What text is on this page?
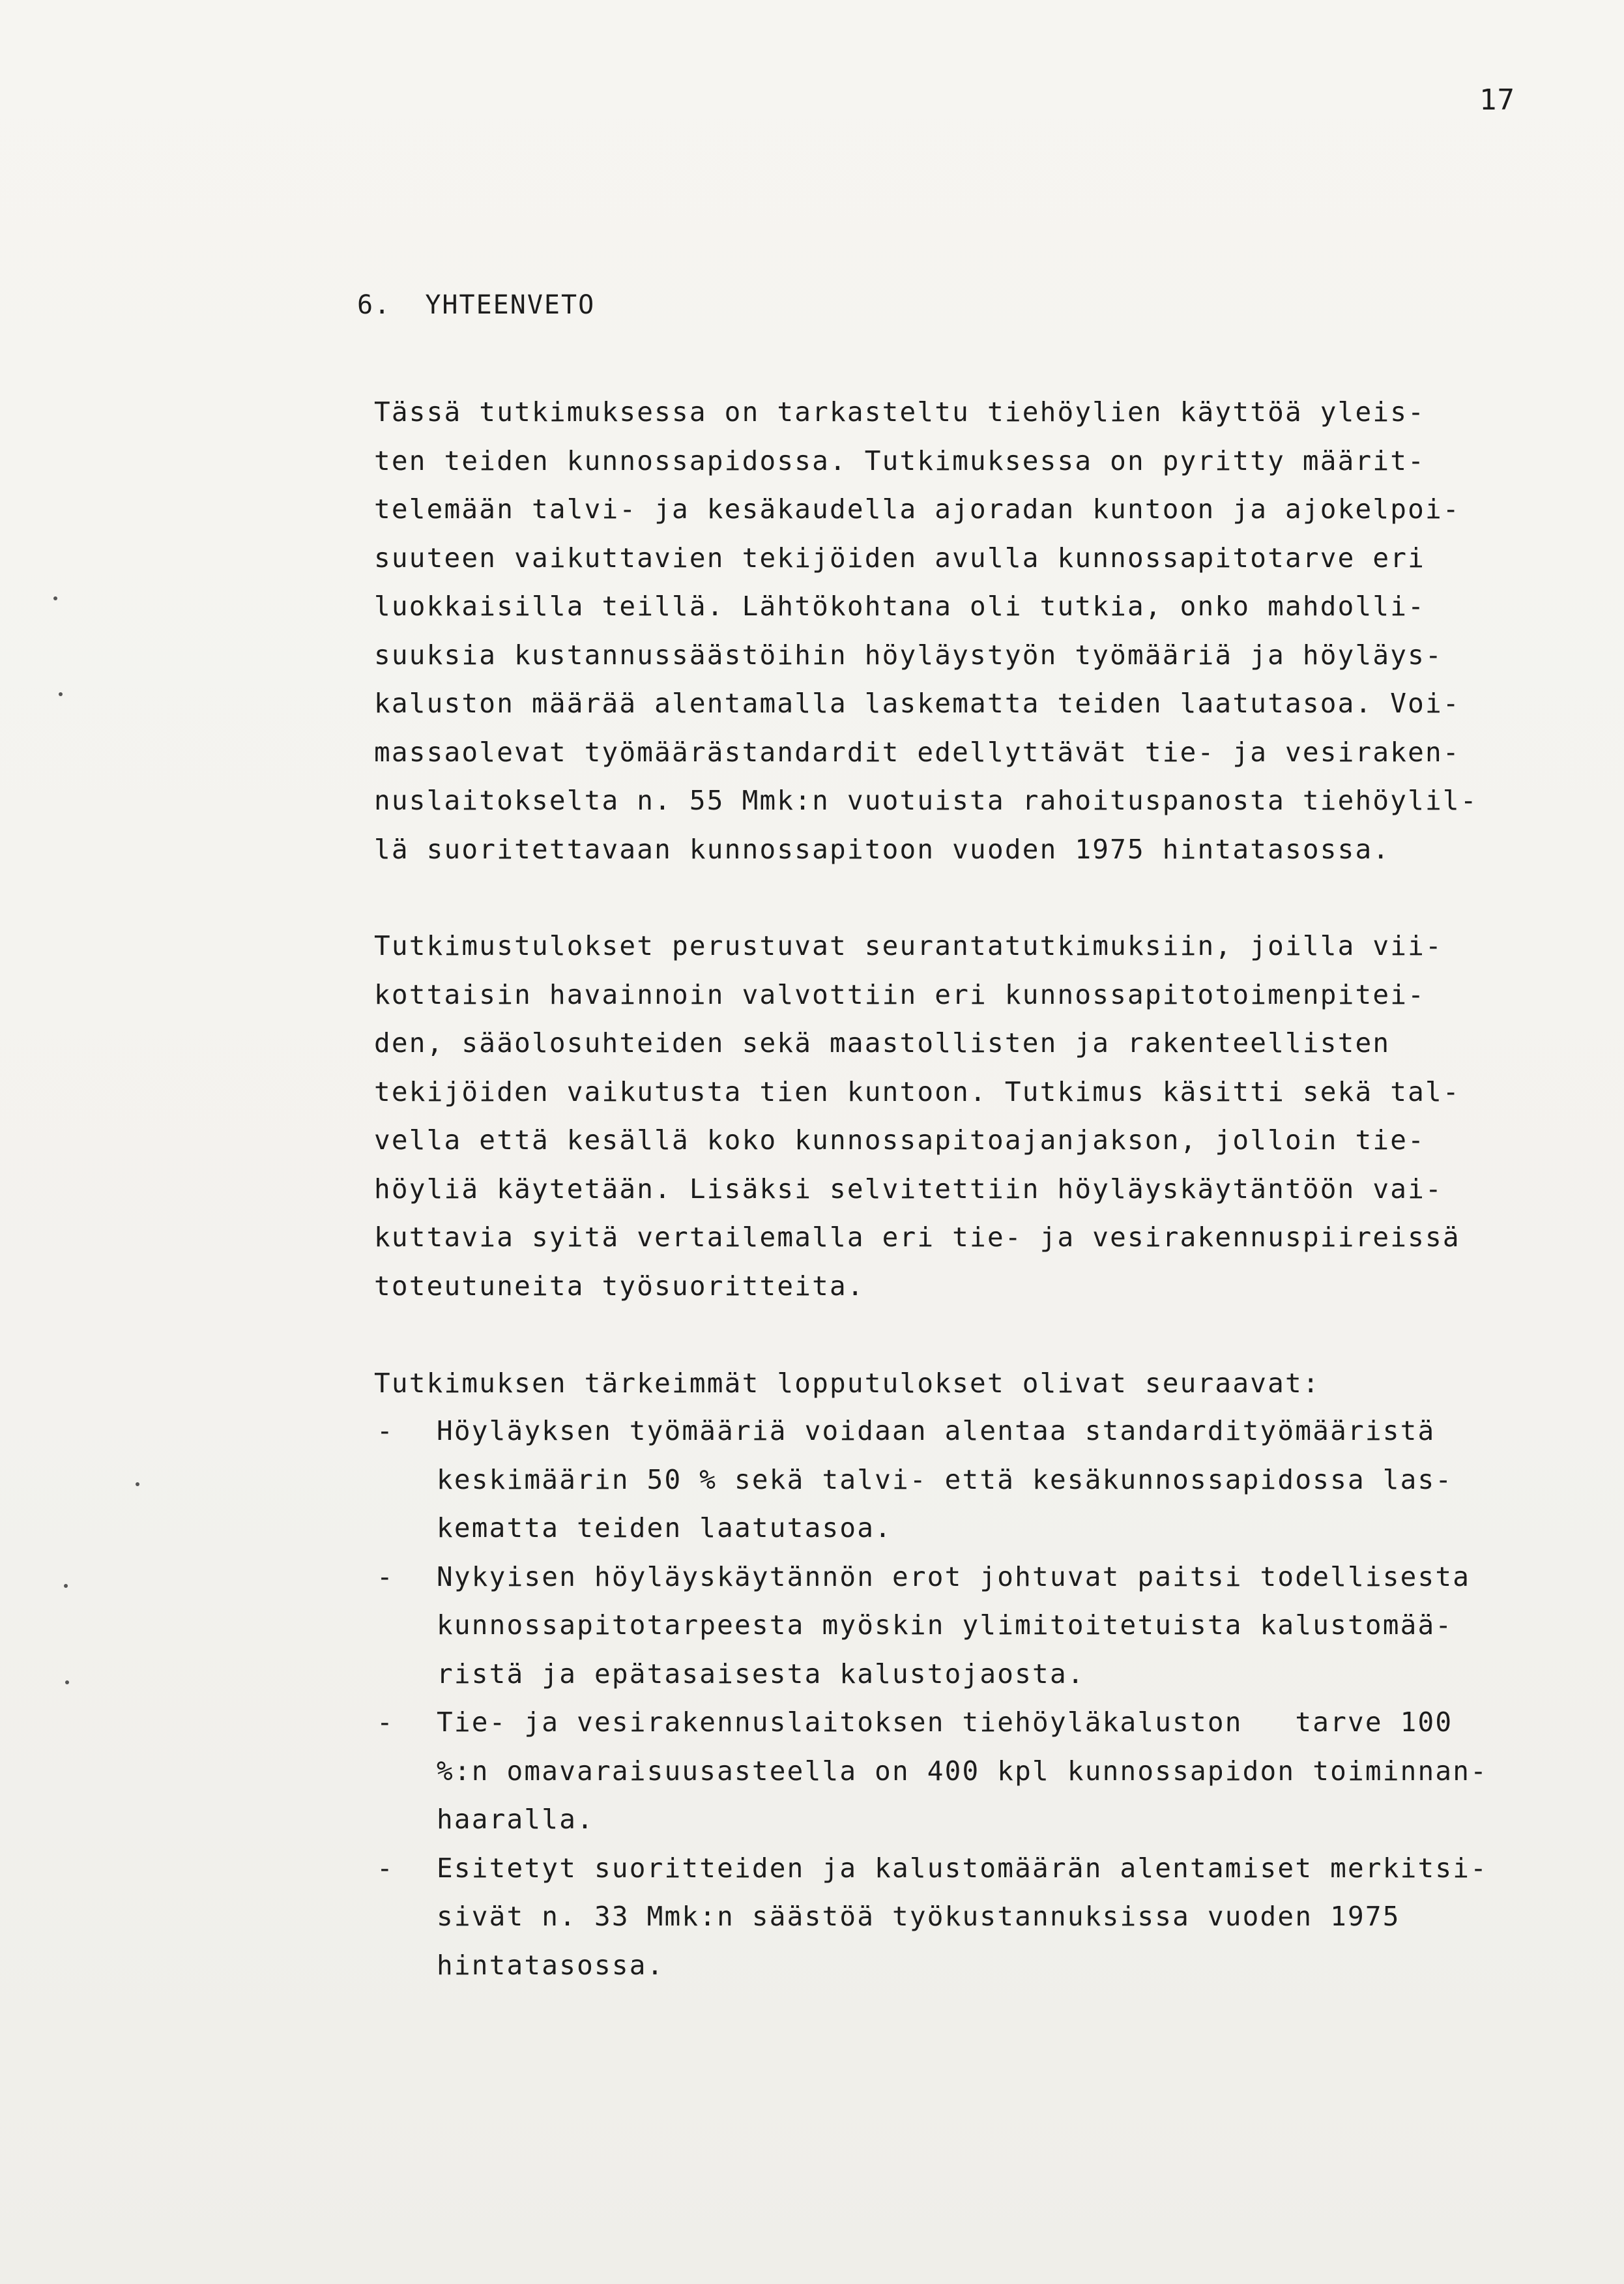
17
6. YHTEENVETO
Tässä tutkimuksessa on tarkasteltu tiehöylien käyttöä yleis-
ten teiden kunnossapidossa. Tutkimuksessa on pyritty määrit-
telemään talvi- ja kesäkaudella ajoradan kuntoon ja ajokelpoi-
suuteen vaikuttavien tekijöiden avulla kunnossapitotarve eri
luokkaisilla teillä. Lähtökohtana oli tutkia, onko mahdolli-
suuksia kustannussäästöihin höyläystyön työmääriä ja höyläys-
kaluston määrää alentamalla laskematta teiden laatutasoa. Voi-
massaolevat työmäärästandardit edellyttävät tie- ja vesiraken-
nuslaitokselta n. 55 Mmk:n vuotuista rahoituspanosta tiehöylil-
lä suoritettavaan kunnossapitoon vuoden 1975 hintatasossa.
Tutkimustulokset perustuvat seurantatutkimuksiin, joilla vii-
kottaisin havainnoin valvottiin eri kunnossapitotoimenpitei-
den, sääolosuhteiden sekä maastollisten ja rakenteellisten
tekijöiden vaikutusta tien kuntoon. Tutkimus käsitti sekä tal-
vella että kesällä koko kunnossapitoajanjakson, jolloin tie-
höyliä käytetään. Lisäksi selvitettiin höyläyskäytäntöön vai-
kuttavia syitä vertailemalla eri tie- ja vesirakennuspiireissä
toteutuneita työsuoritteita.
Tutkimuksen tärkeimmät lopputulokset olivat seuraavat:
- Höyläyksen työmääriä voidaan alentaa standardityömääristä
keskimäärin 50 % sekä talvi- että kesäkunnossapidossa las-
kematta teiden laatutasoa.
- Nykyisen höyläyskäytännön erot johtuvat paitsi todellisesta
kunnossapitotarpeesta myöskin ylimitoitetuista kalustomää-
ristä ja epätasaisesta kalustojaosta.
- Tie- ja vesirakennuslaitoksen tiehöyläkaluston   tarve 100
%:n omavaraisuusasteella on 400 kpl kunnossapidon toiminnan-
haaralla.
- Esitetyt suoritteiden ja kalustomäärän alentamiset merkitsi-
sivät n. 33 Mmk:n säästöä työkustannuksissa vuoden 1975
hintatasossa.
